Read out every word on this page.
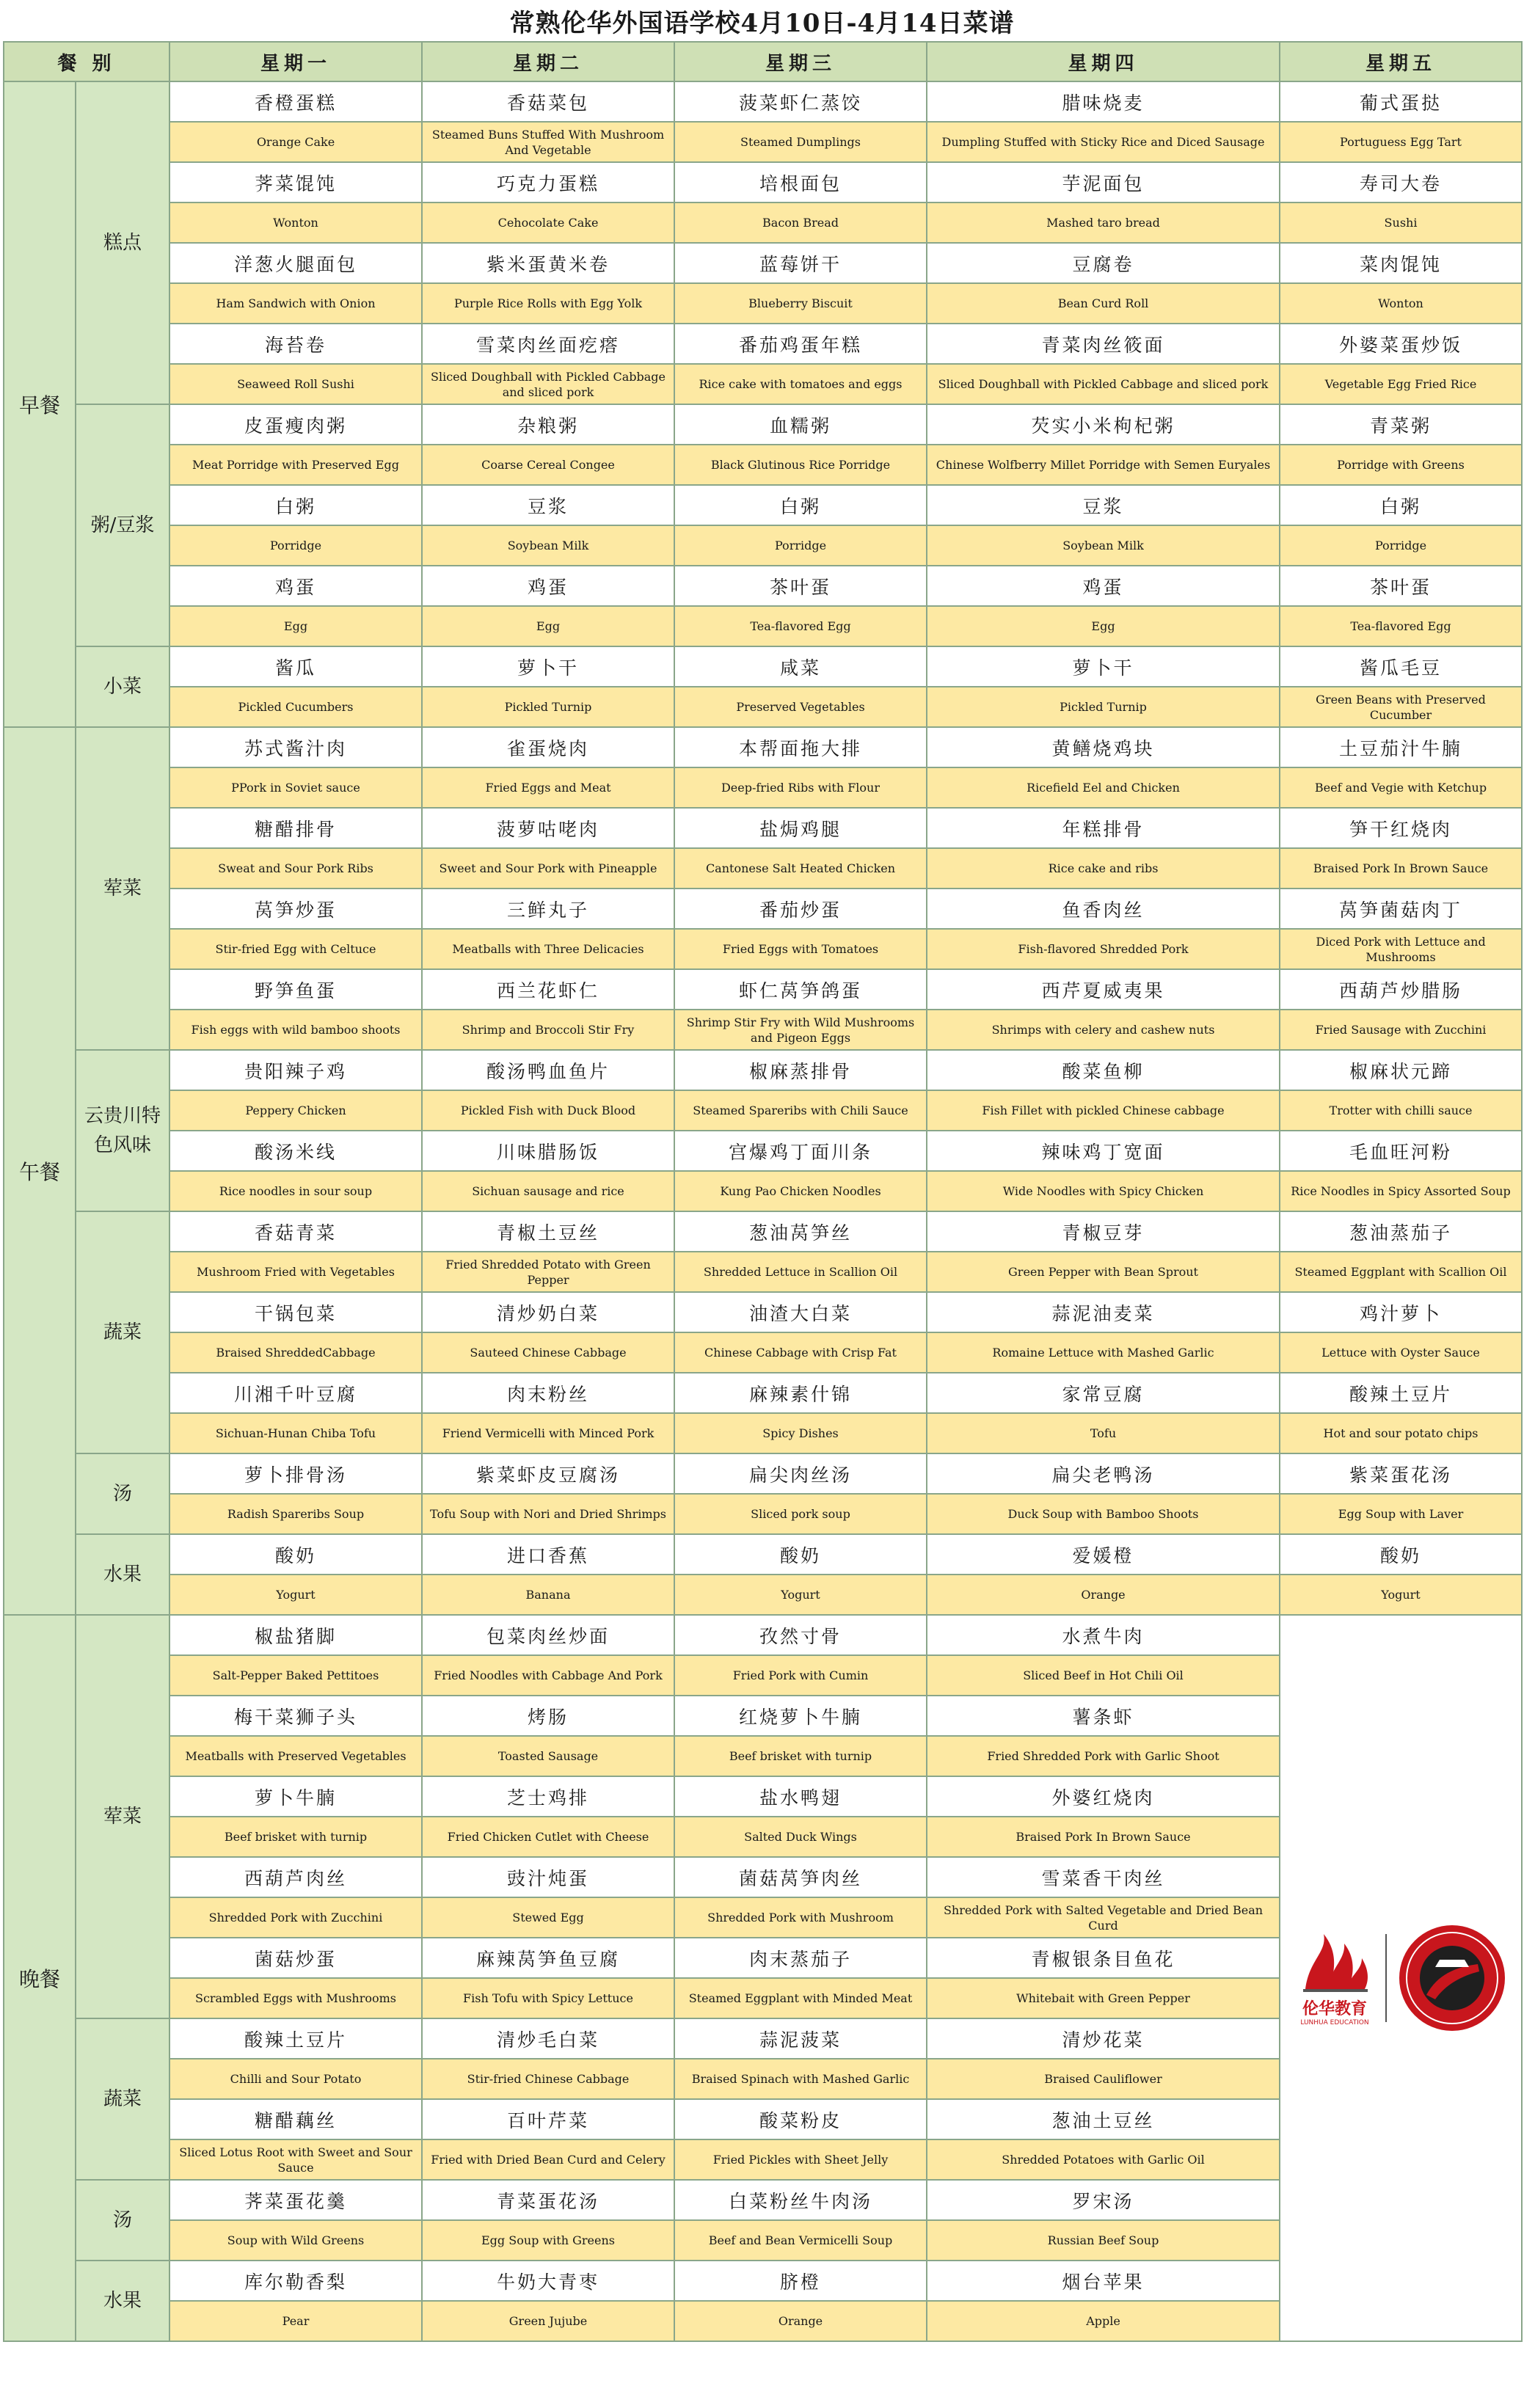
常熟伦华外国语学校4月10日-4月14日菜谱
餐 别		星期一	星期二	星期三	星期四	星期五
早餐	糕点	香橙蛋糕	香菇菜包	菠菜虾仁蒸饺	腊味烧麦	葡式蛋挞
		Orange Cake	Steamed Buns Stuffed With Mushroom And Vegetable	Steamed Dumplings	Dumpling Stuffed with Sticky Rice and Diced Sausage	Portuguess Egg Tart
		荠菜馄饨	巧克力蛋糕	培根面包	芋泥面包	寿司大卷
		Wonton	Cehocolate Cake	Bacon Bread	Mashed taro bread	Sushi
		洋葱火腿面包	紫米蛋黄米卷	蓝莓饼干	豆腐卷	菜肉馄饨
		Ham Sandwich with Onion	Purple Rice Rolls with Egg Yolk	Blueberry Biscuit	Bean Curd Roll	Wonton
		海苔卷	雪菜肉丝面疙瘩	番茄鸡蛋年糕	青菜肉丝筱面	外婆菜蛋炒饭
		Seaweed Roll Sushi	Sliced Doughball with Pickled Cabbage and sliced pork	Rice cake with tomatoes and eggs	Sliced Doughball with Pickled Cabbage and sliced pork	Vegetable Egg Fried Rice
	粥/豆浆	皮蛋瘦肉粥	杂粮粥	血糯粥	芡实小米枸杞粥	青菜粥
		Meat Porridge with Preserved Egg	Coarse Cereal Congee	Black Glutinous Rice Porridge	Chinese Wolfberry Millet Porridge with Semen Euryales	Porridge with Greens
		白粥	豆浆	白粥	豆浆	白粥
		Porridge	Soybean Milk	Porridge	Soybean Milk	Porridge
		鸡蛋	鸡蛋	茶叶蛋	鸡蛋	茶叶蛋
		Egg	Egg	Tea-flavored Egg	Egg	Tea-flavored Egg
	小菜	酱瓜	萝卜干	咸菜	萝卜干	酱瓜毛豆
		Pickled Cucumbers	Pickled Turnip	Preserved Vegetables	Pickled Turnip	Green Beans with Preserved Cucumber
午餐	荤菜	苏式酱汁肉	雀蛋烧肉	本帮面拖大排	黄鳝烧鸡块	土豆茄汁牛腩
		PPork in Soviet sauce	Fried Eggs and Meat	Deep-fried Ribs with Flour	Ricefield Eel and Chicken	Beef and Vegie with Ketchup
		糖醋排骨	菠萝咕咾肉	盐焗鸡腿	年糕排骨	笋干红烧肉
		Sweat and Sour Pork Ribs	Sweet and Sour Pork with Pineapple	Cantonese Salt Heated Chicken	Rice cake and ribs	Braised Pork In Brown Sauce
		莴笋炒蛋	三鲜丸子	番茄炒蛋	鱼香肉丝	莴笋菌菇肉丁
		Stir-fried Egg with Celtuce	Meatballs with Three Delicacies	Fried Eggs with Tomatoes	Fish-flavored Shredded Pork	Diced Pork with Lettuce and Mushrooms
		野笋鱼蛋	西兰花虾仁	虾仁莴笋鸽蛋	西芹夏威夷果	西葫芦炒腊肠
		Fish eggs with wild bamboo shoots	Shrimp and Broccoli Stir Fry	Shrimp Stir Fry with Wild Mushrooms and Pigeon Eggs	Shrimps with celery and cashew nuts	Fried Sausage with Zucchini
	云贵川特色风味	贵阳辣子鸡	酸汤鸭血鱼片	椒麻蒸排骨	酸菜鱼柳	椒麻状元蹄
		Peppery Chicken	Pickled Fish with Duck Blood	Steamed Spareribs with Chili Sauce	Fish Fillet with pickled Chinese cabbage	Trotter with chilli sauce
		酸汤米线	川味腊肠饭	宫爆鸡丁面川条	辣味鸡丁宽面	毛血旺河粉
		Rice noodles in sour soup	Sichuan sausage and rice	Kung Pao Chicken Noodles	Wide Noodles with Spicy Chicken	Rice Noodles in Spicy Assorted Soup
	蔬菜	香菇青菜	青椒土豆丝	葱油莴笋丝	青椒豆芽	葱油蒸茄子
		Mushroom Fried with Vegetables	Fried Shredded Potato with Green Pepper	Shredded Lettuce in Scallion Oil	Green Pepper with Bean Sprout	Steamed Eggplant with Scallion Oil
		干锅包菜	清炒奶白菜	油渣大白菜	蒜泥油麦菜	鸡汁萝卜
		Braised ShreddedCabbage	Sauteed Chinese Cabbage	Chinese Cabbage with Crisp Fat	Romaine Lettuce with Mashed Garlic	Lettuce with Oyster Sauce
		川湘千叶豆腐	肉末粉丝	麻辣素什锦	家常豆腐	酸辣土豆片
		Sichuan-Hunan Chiba Tofu	Friend Vermicelli with Minced Pork	Spicy Dishes	Tofu	Hot and sour potato chips
	汤	萝卜排骨汤	紫菜虾皮豆腐汤	扁尖肉丝汤	扁尖老鸭汤	紫菜蛋花汤
		Radish Spareribs Soup	Tofu Soup with Nori and Dried Shrimps	Sliced pork soup	Duck Soup with Bamboo Shoots	Egg Soup with Laver
	水果	酸奶	进口香蕉	酸奶	爱媛橙	酸奶
		Yogurt	Banana	Yogurt	Orange	Yogurt
晚餐	荤菜	椒盐猪脚	包菜肉丝炒面	孜然寸骨	水煮牛肉	伦华教育
LUNHUA EDUCATION

		Salt-Pepper Baked Pettitoes	Fried Noodles with Cabbage And Pork	Fried Pork with Cumin	Sliced Beef in Hot Chili Oil	
		梅干菜狮子头	烤肠	红烧萝卜牛腩	薯条虾	
		Meatballs with Preserved Vegetables	Toasted Sausage	Beef brisket with turnip	Fried Shredded Pork with Garlic Shoot	
		萝卜牛腩	芝士鸡排	盐水鸭翅	外婆红烧肉	
		Beef brisket with turnip	Fried Chicken Cutlet with Cheese	Salted Duck Wings	Braised Pork In Brown Sauce	
		西葫芦肉丝	豉汁炖蛋	菌菇莴笋肉丝	雪菜香干肉丝	
		Shredded Pork with Zucchini	Stewed Egg	Shredded Pork with Mushroom	Shredded Pork with Salted Vegetable and Dried Bean Curd	
		菌菇炒蛋	麻辣莴笋鱼豆腐	肉末蒸茄子	青椒银条目鱼花	
		Scrambled Eggs with Mushrooms	Fish Tofu with Spicy Lettuce	Steamed Eggplant with Minded Meat	Whitebait with Green Pepper	
	蔬菜	酸辣土豆片	清炒毛白菜	蒜泥菠菜	清炒花菜	
		Chilli and Sour Potato	Stir-fried Chinese Cabbage	Braised Spinach with Mashed Garlic	Braised Cauliflower	
		糖醋藕丝	百叶芹菜	酸菜粉皮	葱油土豆丝	
		Sliced Lotus Root with Sweet and Sour Sauce	Fried with Dried Bean Curd and Celery	Fried Pickles with Sheet Jelly	Shredded Potatoes with Garlic Oil	
	汤	荠菜蛋花羹	青菜蛋花汤	白菜粉丝牛肉汤	罗宋汤	
		Soup with Wild Greens	Egg Soup with Greens	Beef and Bean Vermicelli Soup	Russian Beef Soup	
	水果	库尔勒香梨	牛奶大青枣	脐橙	烟台苹果	
		Pear	Green Jujube	Orange	Apple	
